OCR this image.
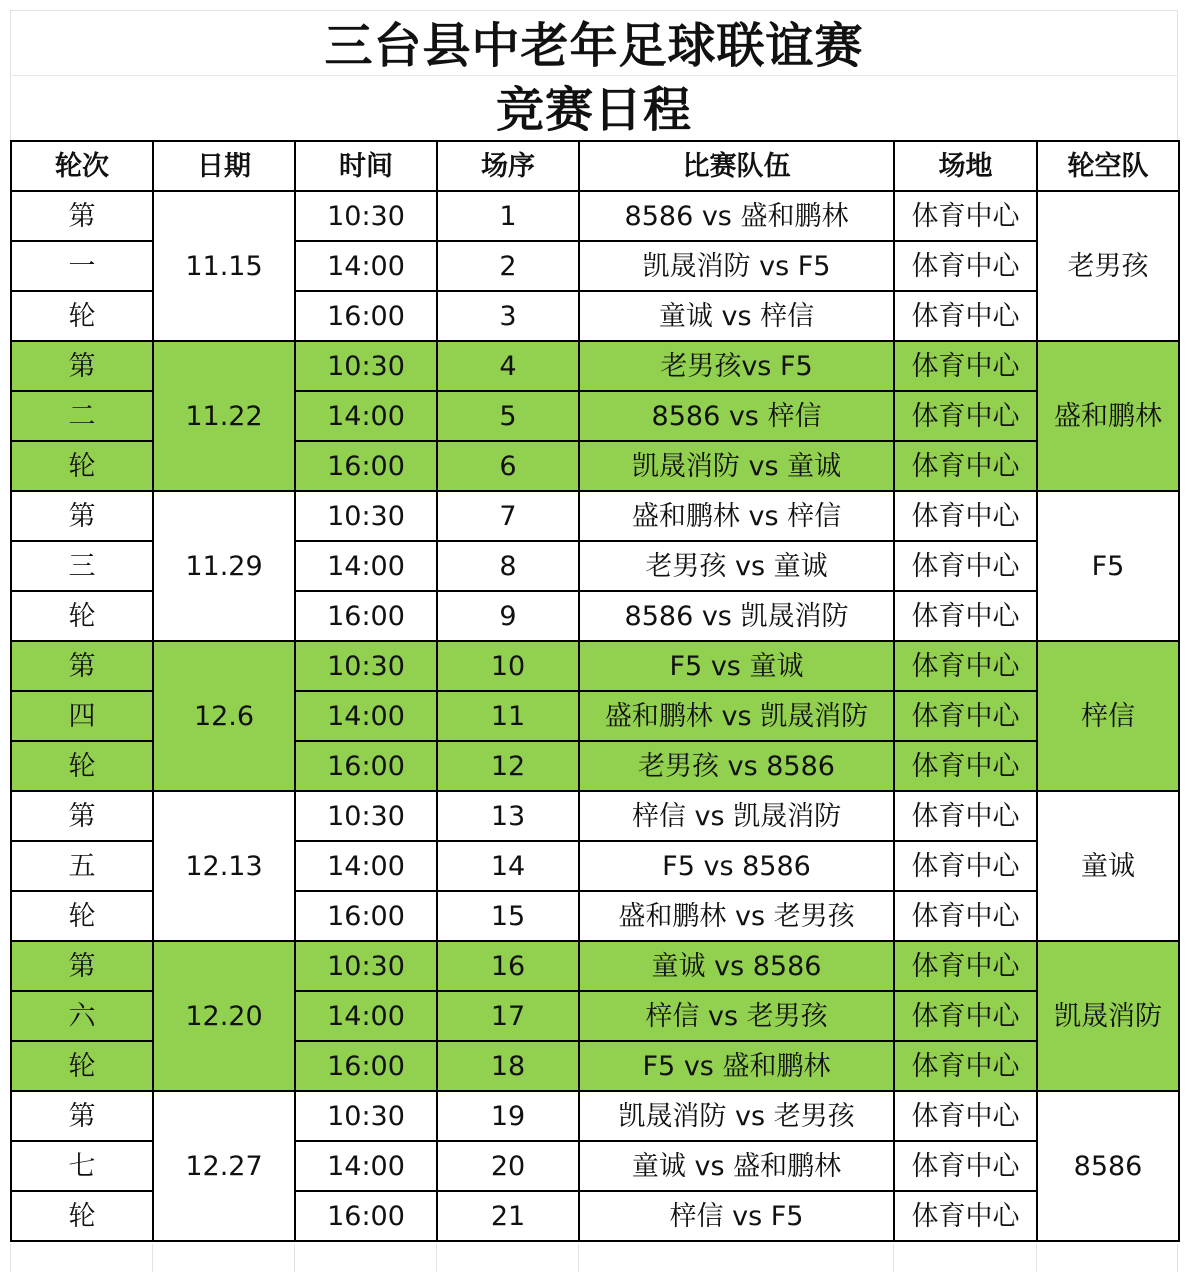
三台县中老年足球联谊赛
竞赛日程
轮次	日期	时间	场序	比赛队伍	场地	轮空队
第	11.15	10:30	1	8586 vs 盛和鹏林	体育中心	老男孩
一		14:00	2	凯晟消防 vs F5	体育中心	
轮		16:00	3	童诚 vs 梓信	体育中心	
第	11.22	10:30	4	老男孩vs F5	体育中心	盛和鹏林
二		14:00	5	8586 vs 梓信	体育中心	
轮		16:00	6	凯晟消防 vs 童诚	体育中心	
第	11.29	10:30	7	盛和鹏林 vs 梓信	体育中心	F5
三		14:00	8	老男孩 vs 童诚	体育中心	
轮		16:00	9	8586 vs 凯晟消防	体育中心	
第	12.6	10:30	10	F5 vs 童诚	体育中心	梓信
四		14:00	11	盛和鹏林 vs 凯晟消防	体育中心	
轮		16:00	12	老男孩 vs 8586	体育中心	
第	12.13	10:30	13	梓信 vs 凯晟消防	体育中心	童诚
五		14:00	14	F5 vs 8586	体育中心	
轮		16:00	15	盛和鹏林 vs 老男孩	体育中心	
第	12.20	10:30	16	童诚 vs 8586	体育中心	凯晟消防
六		14:00	17	梓信 vs 老男孩	体育中心	
轮		16:00	18	F5 vs 盛和鹏林	体育中心	
第	12.27	10:30	19	凯晟消防 vs 老男孩	体育中心	8586
七		14:00	20	童诚 vs 盛和鹏林	体育中心	
轮		16:00	21	梓信 vs F5	体育中心	
